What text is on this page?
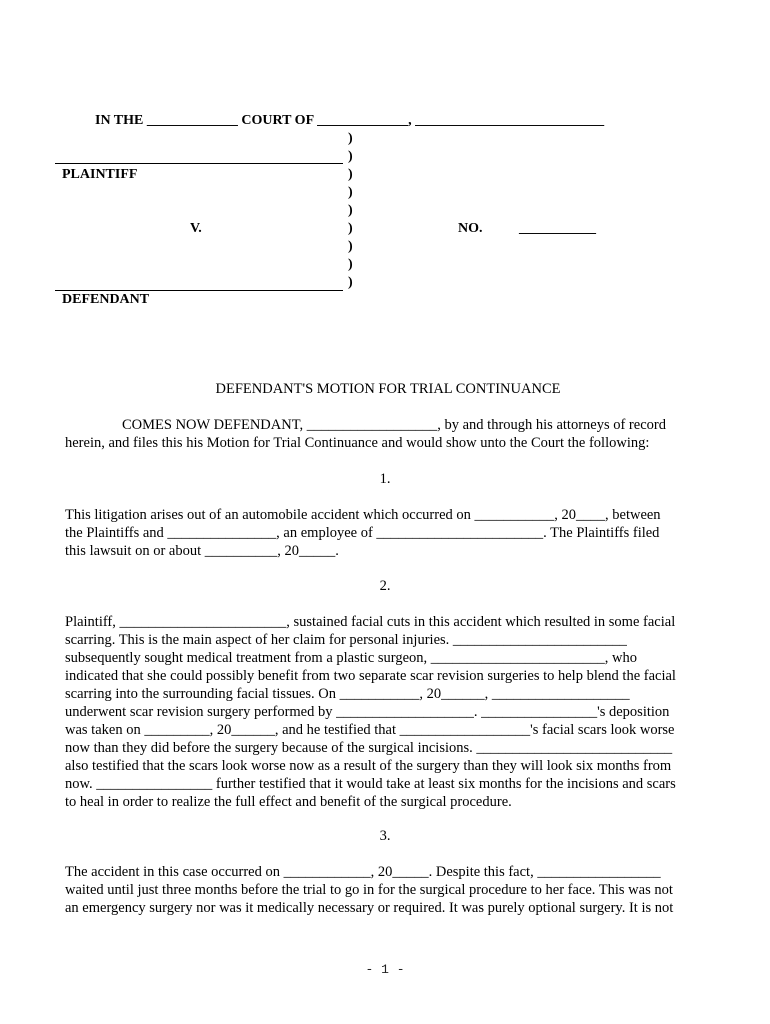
IN THE _____________ COURT OF _____________, ___________________________
PLAINTIFF
V.
DEFENDANT
)
)
)
)
)
)
)
)
)
NO.	___________
DEFENDANT'S MOTION FOR TRIAL CONTINUANCE
COMES NOW DEFENDANT, __________________, by and through his attorneys of record
herein, and files this his Motion for Trial Continuance and would show unto the Court the following:
1.
This litigation arises out of an automobile accident which occurred on ___________, 20____, between
the Plaintiffs and _______________, an employee of _______________________. The Plaintiffs filed
this lawsuit on or about __________, 20_____.
2.
Plaintiff, _______________________, sustained facial cuts in this accident which resulted in some facial
scarring. This is the main aspect of her claim for personal injuries. ________________________
subsequently sought medical treatment from a plastic surgeon, ________________________, who
indicated that she could possibly benefit from two separate scar revision surgeries to help blend the facial
scarring into the surrounding facial tissues. On ___________, 20______, ___________________
underwent scar revision surgery performed by ___________________. ________________'s deposition
was taken on _________, 20______, and he testified that __________________'s facial scars look worse
now than they did before the surgery because of the surgical incisions. ___________________________
also testified that the scars look worse now as a result of the surgery than they will look six months from
now. ________________ further testified that it would take at least six months for the incisions and scars
to heal in order to realize the full effect and benefit of the surgical procedure.
3.
The accident in this case occurred on ____________, 20_____. Despite this fact, _________________
waited until just three months before the trial to go in for the surgical procedure to her face. This was not
an emergency surgery nor was it medically necessary or required. It was purely optional surgery. It is not
- 1 -
